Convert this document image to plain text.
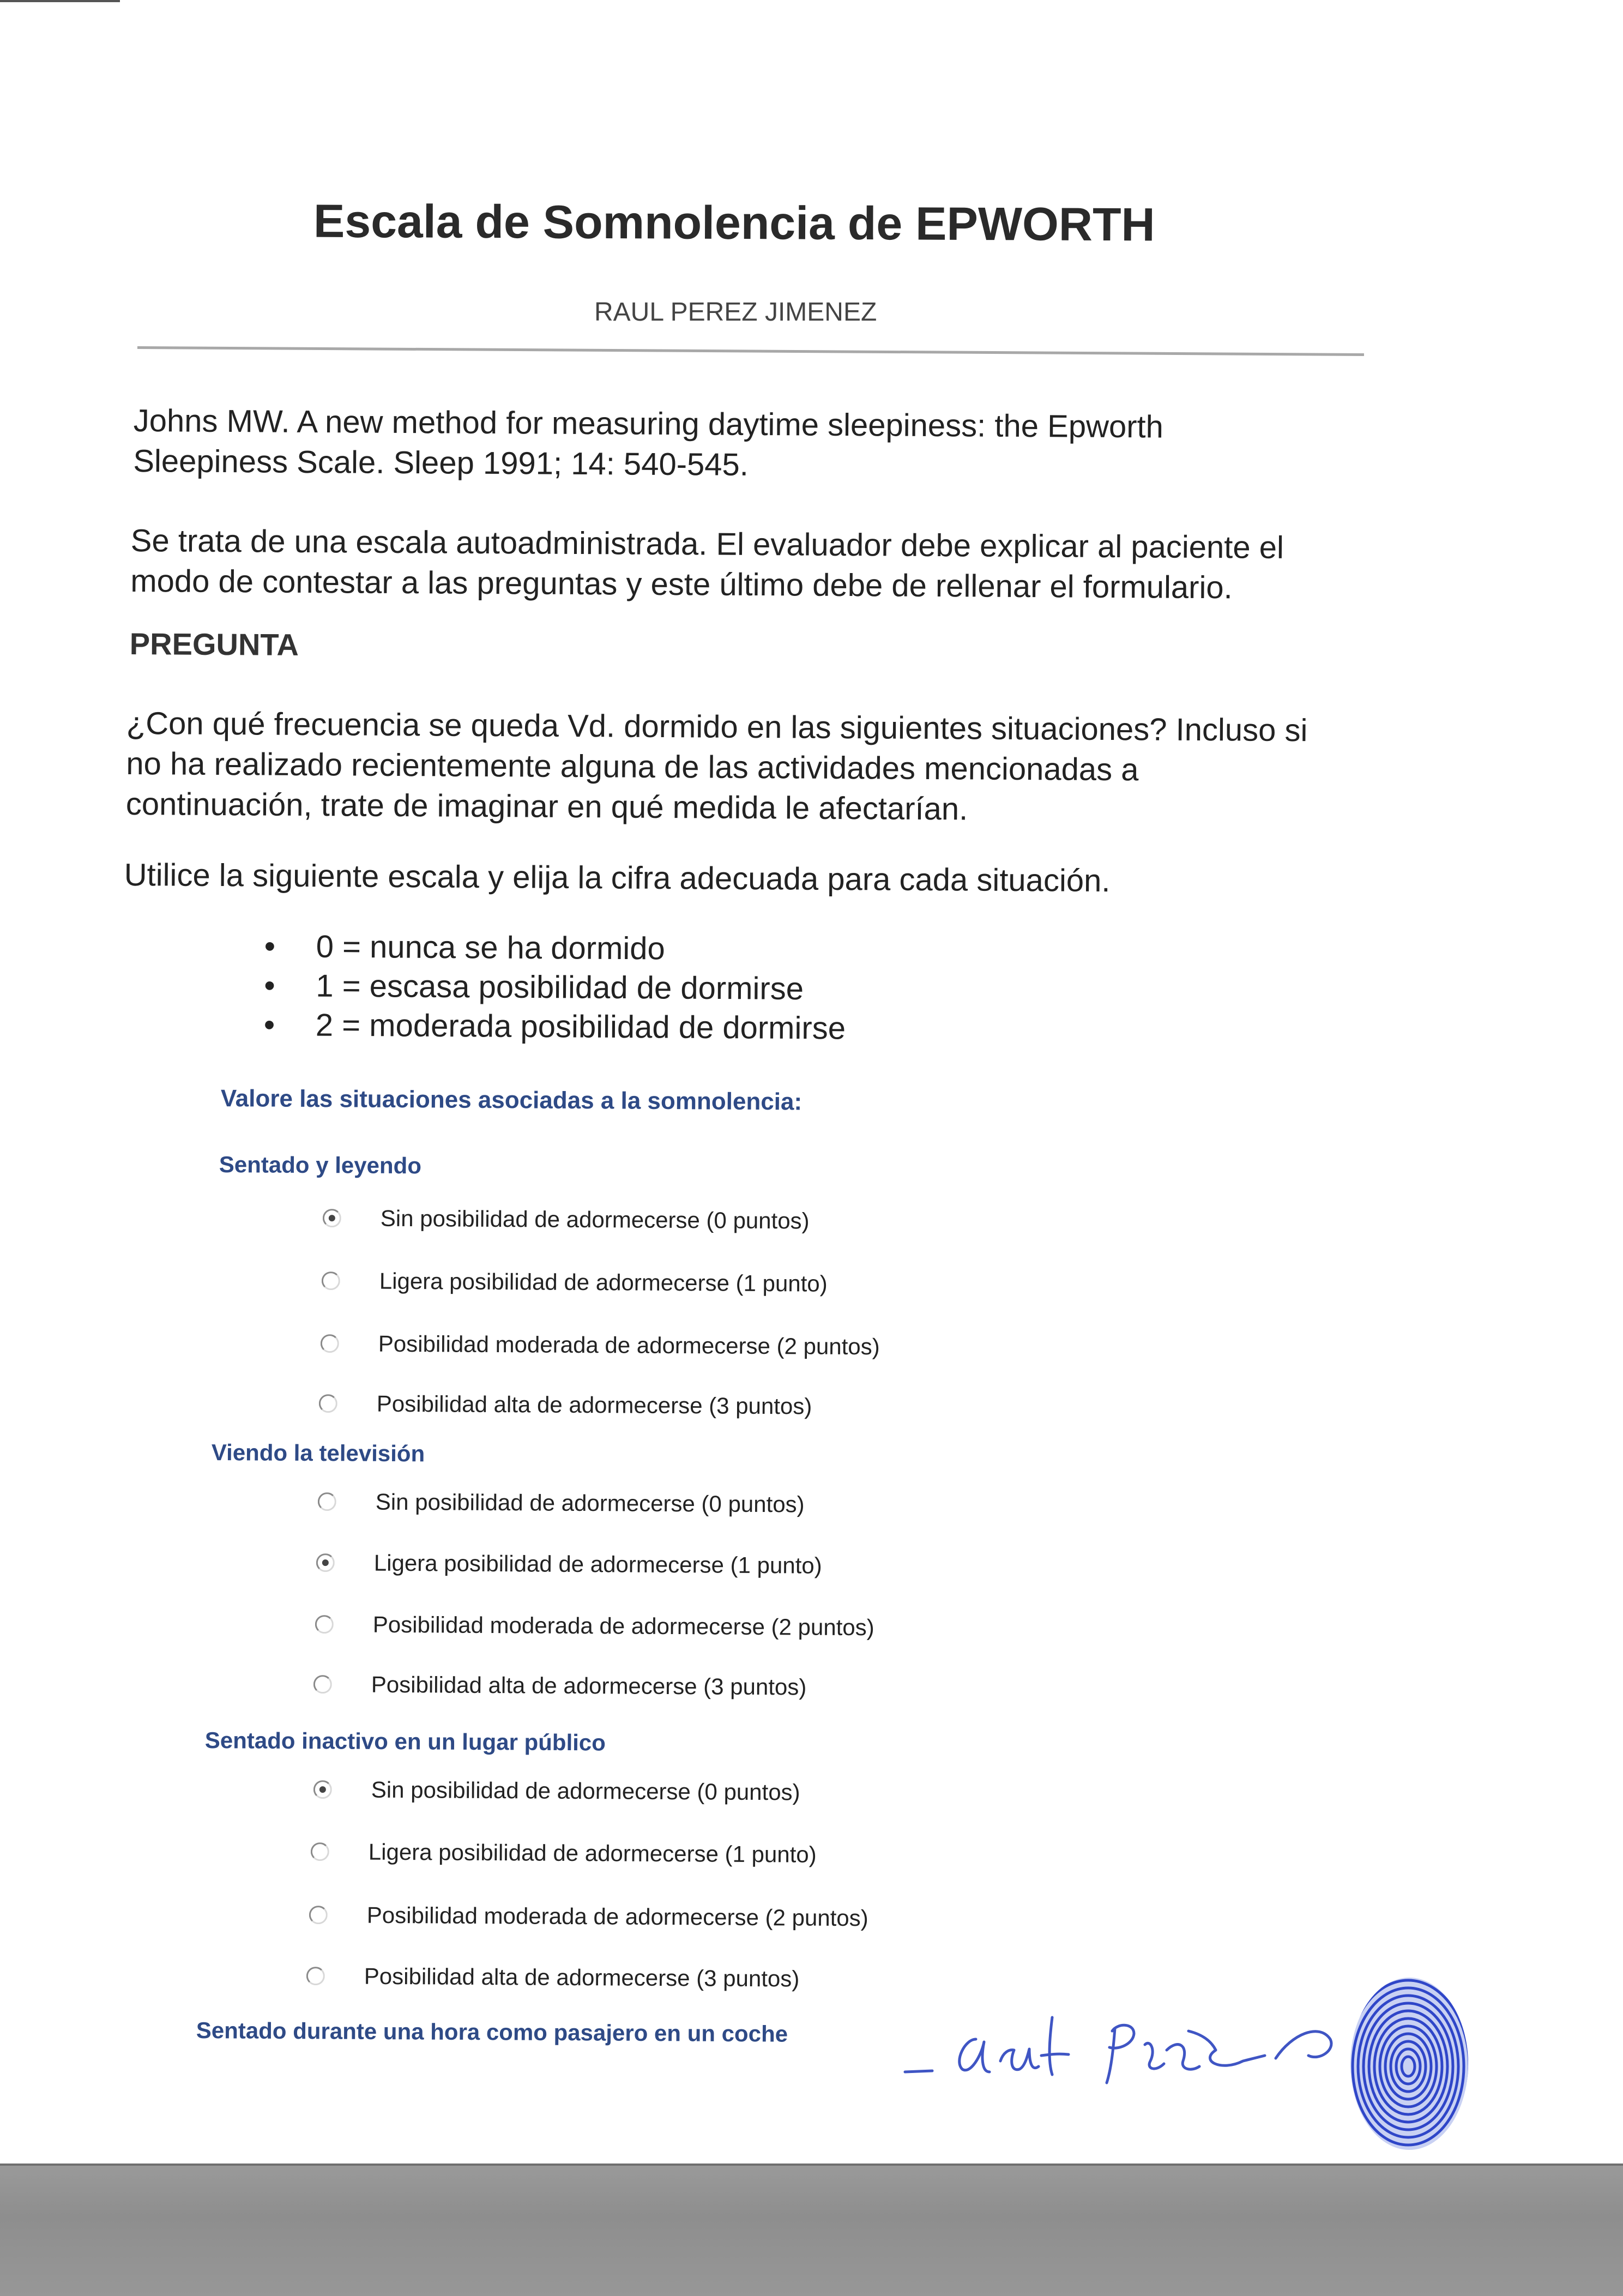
Escala de Somnolencia de EPWORTH
RAUL PEREZ JIMENEZ
Johns MW. A new method for measuring daytime sleepiness: the Epworth
Sleepiness Scale. Sleep 1991; 14: 540-545.
Se trata de una escala autoadministrada. El evaluador debe explicar al paciente el
modo de contestar a las preguntas y este último debe de rellenar el formulario.
PREGUNTA
¿Con qué frecuencia se queda Vd. dormido en las siguientes situaciones? Incluso si
no ha realizado recientemente alguna de las actividades mencionadas a
continuación, trate de imaginar en qué medida le afectarían.
Utilice la siguiente escala y elija la cifra adecuada para cada situación.
• 0 = nunca se ha dormido
• 1 = escasa posibilidad de dormirse
• 2 = moderada posibilidad de dormirse
Valore las situaciones asociadas a la somnolencia:
Sentado y leyendo
Sin posibilidad de adormecerse (0 puntos)
Ligera posibilidad de adormecerse (1 punto)
Posibilidad moderada de adormecerse (2 puntos)
Posibilidad alta de adormecerse (3 puntos)
Viendo la televisión
Sin posibilidad de adormecerse (0 puntos)
Ligera posibilidad de adormecerse (1 punto)
Posibilidad moderada de adormecerse (2 puntos)
Posibilidad alta de adormecerse (3 puntos)
Sentado inactivo en un lugar público
Sin posibilidad de adormecerse (0 puntos)
Ligera posibilidad de adormecerse (1 punto)
Posibilidad moderada de adormecerse (2 puntos)
Posibilidad alta de adormecerse (3 puntos)
Sentado durante una hora como pasajero en un coche
